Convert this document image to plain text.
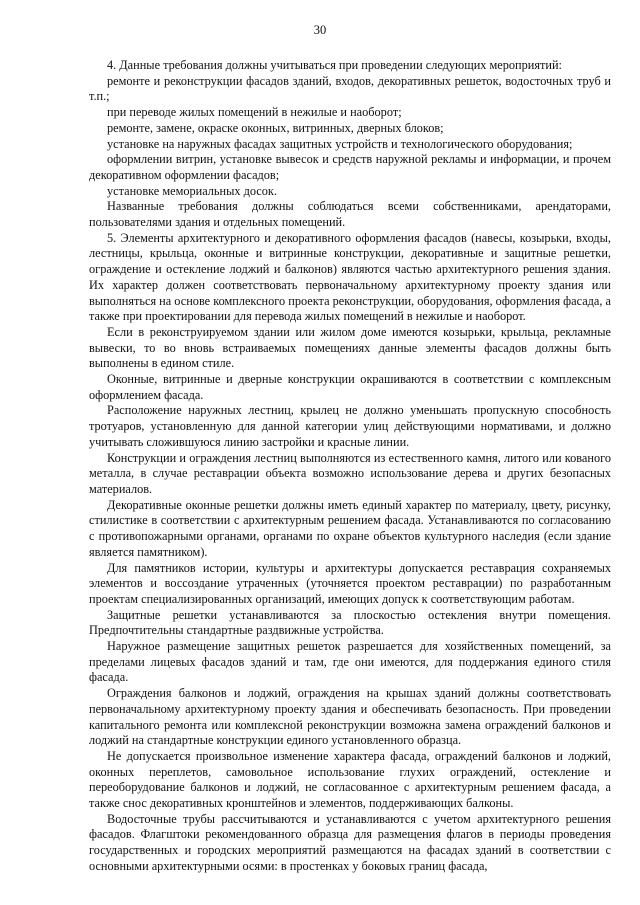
30

4. Данные требования должны учитываться при проведении следующих мероприятий:

ремонте и реконструкции фасадов зданий, входов, декоративных решеток, водосточных труб и т.п.;

при переводе жилых помещений в нежилые и наоборот;

ремонте, замене, окраске оконных, витринных, дверных блоков;

установке на наружных фасадах защитных устройств и технологического оборудования;

оформлении витрин, установке вывесок и средств наружной рекламы и информации, и прочем декоративном оформлении фасадов;

установке мемориальных досок.

Названные требования должны соблюдаться всеми собственниками, арендаторами, пользователями здания и отдельных помещений.

5. Элементы архитектурного и декоративного оформления фасадов (навесы, козырьки, входы, лестницы, крыльца, оконные и витринные конструкции, декоративные и защитные решетки, ограждение и остекление лоджий и балконов) являются частью архитектурного решения здания. Их характер должен соответствовать первоначальному архитектурному проекту здания или выполняться на основе комплексного проекта реконструкции, оборудования, оформления фасада, а также при проектировании для перевода жилых помещений в нежилые и наоборот.

Если в реконструируемом здании или жилом доме имеются козырьки, крыльца, рекламные вывески, то во вновь встраиваемых помещениях данные элементы фасадов должны быть выполнены в едином стиле.

Оконные, витринные и дверные конструкции окрашиваются в соответствии с комплексным оформлением фасада.

Расположение наружных лестниц, крылец не должно уменьшать пропускную способность тротуаров, установленную для данной категории улиц действующими нормативами, и должно учитывать сложившуюся линию застройки и красные линии.

Конструкции и ограждения лестниц выполняются из естественного камня, литого или кованого металла, в случае реставрации объекта возможно использование дерева и других безопасных материалов.

Декоративные оконные решетки должны иметь единый характер по материалу, цвету, рисунку, стилистике в соответствии с архитектурным решением фасада. Устанавливаются по согласованию с противопожарными органами, органами по охране объектов культурного наследия (если здание является памятником).

Для памятников истории, культуры и архитектуры допускается реставрация сохраняемых элементов и воссоздание утраченных (уточняется проектом реставрации) по разработанным проектам специализированных организаций, имеющих допуск к соответствующим работам.

Защитные решетки устанавливаются за плоскостью остекления внутри помещения. Предпочтительны стандартные раздвижные устройства.

Наружное размещение защитных решеток разрешается для хозяйственных помещений, за пределами лицевых фасадов зданий и там, где они имеются, для поддержания единого стиля фасада.

Ограждения балконов и лоджий, ограждения на крышах зданий должны соответствовать первоначальному архитектурному проекту здания и обеспечивать безопасность. При проведении капитального ремонта или комплексной реконструкции возможна замена ограждений балконов и лоджий на стандартные конструкции единого установленного образца.

Не допускается произвольное изменение характера фасада, ограждений балконов и лоджий, оконных переплетов, самовольное использование глухих ограждений, остекление и переоборудование балконов и лоджий, не согласованное с архитектурным решением фасада, а также снос декоративных кронштейнов и элементов, поддерживающих балконы.

Водосточные трубы рассчитываются и устанавливаются с учетом архитектурного решения фасадов. Флагштоки рекомендованного образца для размещения флагов в периоды проведения государственных и городских мероприятий размещаются на фасадах зданий в соответствии с основными архитектурными осями: в простенках у боковых границ фасада,
